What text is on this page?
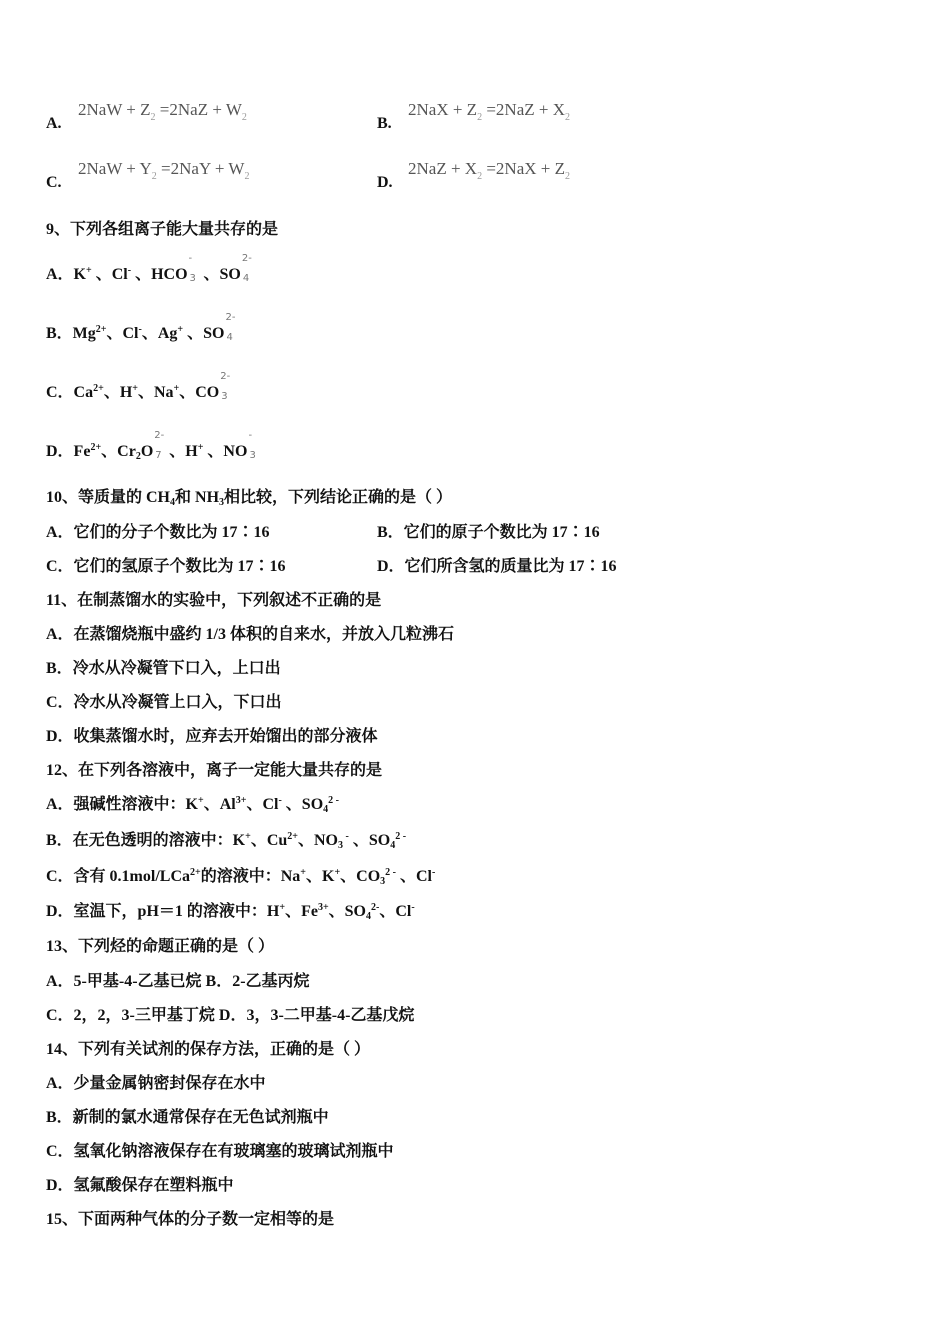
A.
$2NaW + Z_2 =2NaZ + W_2$	B.
$2NaX + Z_2 =2NaZ + X_2$
C.
$2NaW + Y_2 =2NaY + W_2$	D.
$2NaZ + X_2 =2NaX + Z_2$
9、下列各组离子能大量共存的是
A．K+ 、Cl- 、HCO
-
3 、SO
2-
4
B．$Mg^{2+}$、Cl-、Ag+ 、SO
2-
4
C．$Ca^{2+}$、H+、Na+、CO
2-
3
D．$Fe^{2+}$、$Cr_2O$
2-
7 、H+ 、NO
-
3
10、等质量的 $CH_4$和 $NH_3$相比较，下列结论正确的是（ ）
A．它们的分子个数比为 17∶16	B．它们的原子个数比为 17∶16
C．它们的氢原子个数比为 17∶16	D．它们所含氢的质量比为 17∶16
11、在制蒸馏水的实验中，下列叙述不正确的是
A．在蒸馏烧瓶中盛约 1/3 体积的自来水，并放入几粒沸石
B．冷水从冷凝管下口入，上口出
C．冷水从冷凝管上口入，下口出
D．收集蒸馏水时，应弃去开始馏出的部分液体
12、在下列各溶液中，离子一定能大量共存的是
A．强碱性溶液中：K+、$Al^{3+}$、Cl- 、$SO_4^{2 -}$
B．在无色透明的溶液中：K+、$Cu^{2+}$、$NO_3$ - 、$SO_4^{2 -}$
C．含有 0.1mol/LCa$^{2+}$的溶液中：Na+、K+、$CO_3^{2 -}$ 、Cl-
D．室温下，pH＝1 的溶液中：H+、$Fe^{3+}$、$SO_4^{2-}$、Cl-
13、下列烃的命题正确的是（ ）
A．5-甲基-4-乙基已烷 B．2-乙基丙烷
C．2，2，3-三甲基丁烷 D．3，3-二甲基-4-乙基戊烷
14、下列有关试剂的保存方法，正确的是（ ）
A．少量金属钠密封保存在水中
B．新制的氯水通常保存在无色试剂瓶中
C．氢氧化钠溶液保存在有玻璃塞的玻璃试剂瓶中
D．氢氟酸保存在塑料瓶中
15、下面两种气体的分子数一定相等的是
